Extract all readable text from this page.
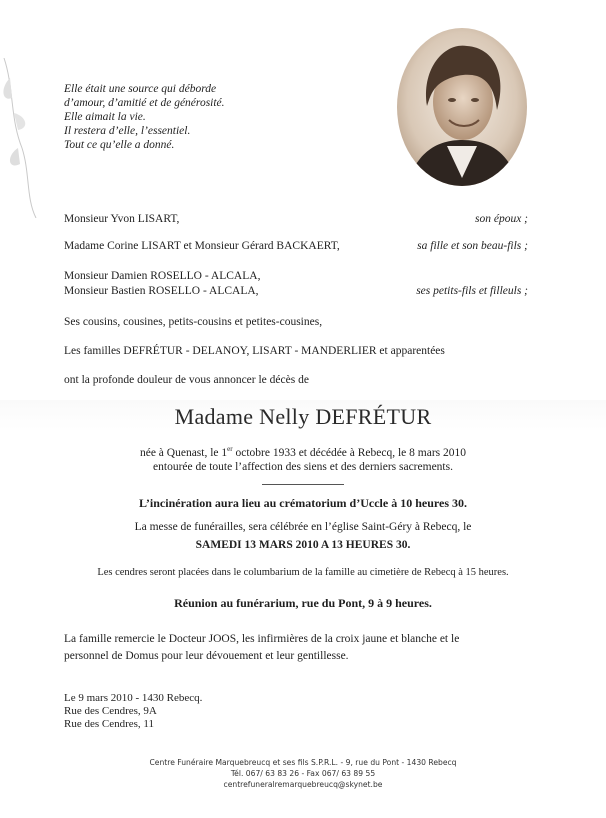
Elle était une source qui déborde
d’amour, d’amitié et de générosité.
Elle aimait la vie.
Il restera d’elle, l’essentiel.
Tout ce qu’elle a donné.
Monsieur Yvon LISART,	son époux ;
Madame Corine LISART et Monsieur Gérard BACKAERT,	sa fille et son beau-fils ;
Monsieur Damien ROSELLO - ALCALA,
Monsieur Bastien ROSELLO - ALCALA,	ses petits-fils et filleuls ;
Ses cousins, cousines, petits-cousins et petites-cousines,
Les familles DEFRÉTUR - DELANOY, LISART - MANDERLIER et apparentées
ont la profonde douleur de vous annoncer le décès de
Madame Nelly DEFRÉTUR
née à Quenast, le 1er octobre 1933 et décédée à Rebecq, le 8 mars 2010
entourée de toute l’affection des siens et des derniers sacrements.
L’incinération aura lieu au crématorium d’Uccle à 10 heures 30.
La messe de funérailles, sera célébrée en l’église Saint-Géry à Rebecq, le
SAMEDI 13 MARS 2010 A 13 HEURES 30.
Les cendres seront placées dans le columbarium de la famille au cimetière de Rebecq à 15 heures.
Réunion au funérarium, rue du Pont, 9 à 9 heures.
La famille remercie le Docteur JOOS, les infirmières de la croix jaune et blanche et le
personnel de Domus pour leur dévouement et leur gentillesse.
Le 9 mars 2010 - 1430 Rebecq.
Rue des Cendres, 9A
Rue des Cendres, 11
Centre Funéraire Marquebreucq et ses fils S.P.R.L. - 9, rue du Pont - 1430 Rebecq
Tél. 067/ 63 83 26 - Fax 067/ 63 89 55
centrefuneralremarquebreucq@skynet.be
